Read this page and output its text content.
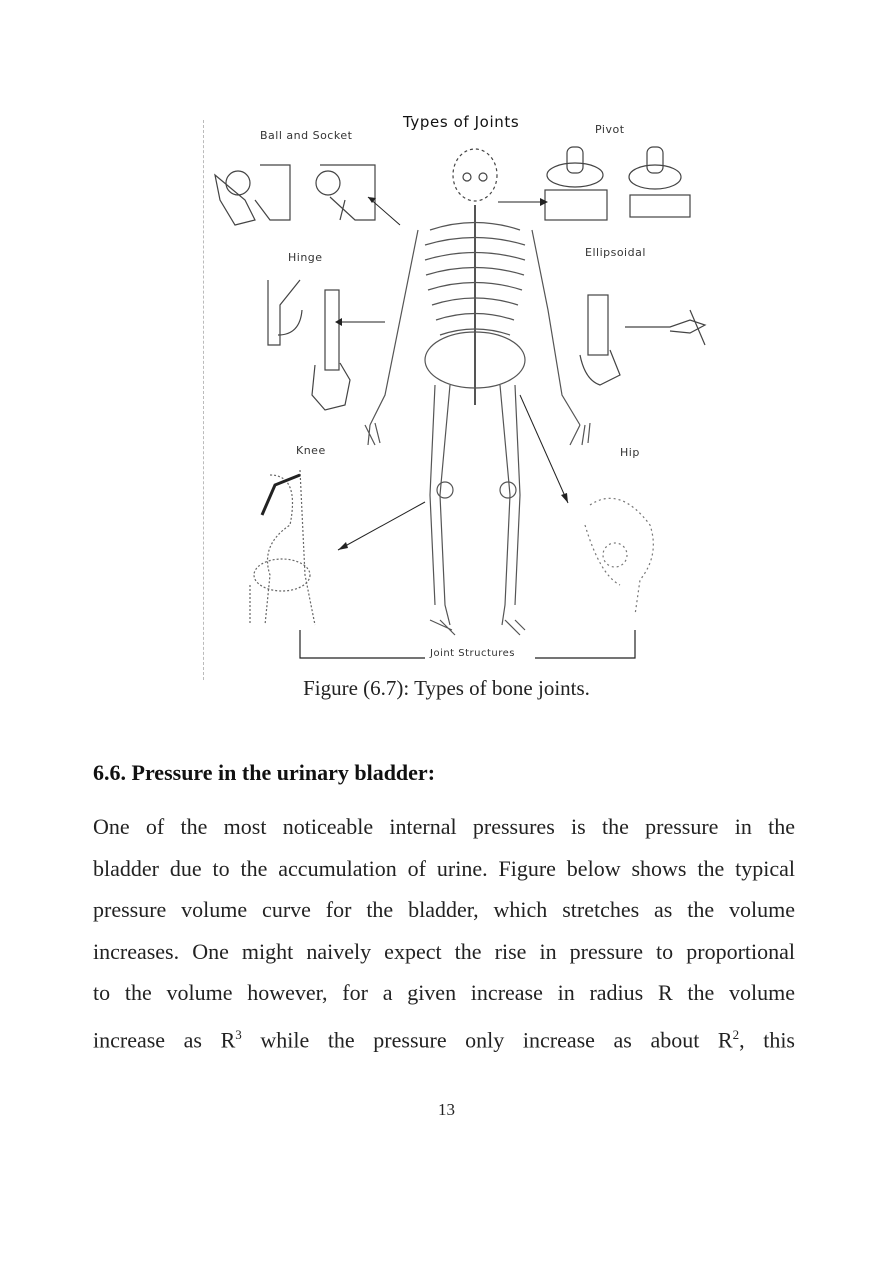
Types of Joints
Ball and Socket	Pivot
Hinge	Ellipsoidal
Knee	Hip
Joint Structures
Figure (6.7): Types of bone joints.
6.6. Pressure in the urinary bladder:
One of the most noticeable internal pressures is the pressure in the
bladder due to the accumulation of urine. Figure below shows the typical
pressure volume curve for the bladder, which stretches as the volume
increases. One might naively expect the rise in pressure to proportional
to the volume however, for a given increase in radius R the volume
increase as $R^3$ while the pressure only increase as about $R^2$, this
13
